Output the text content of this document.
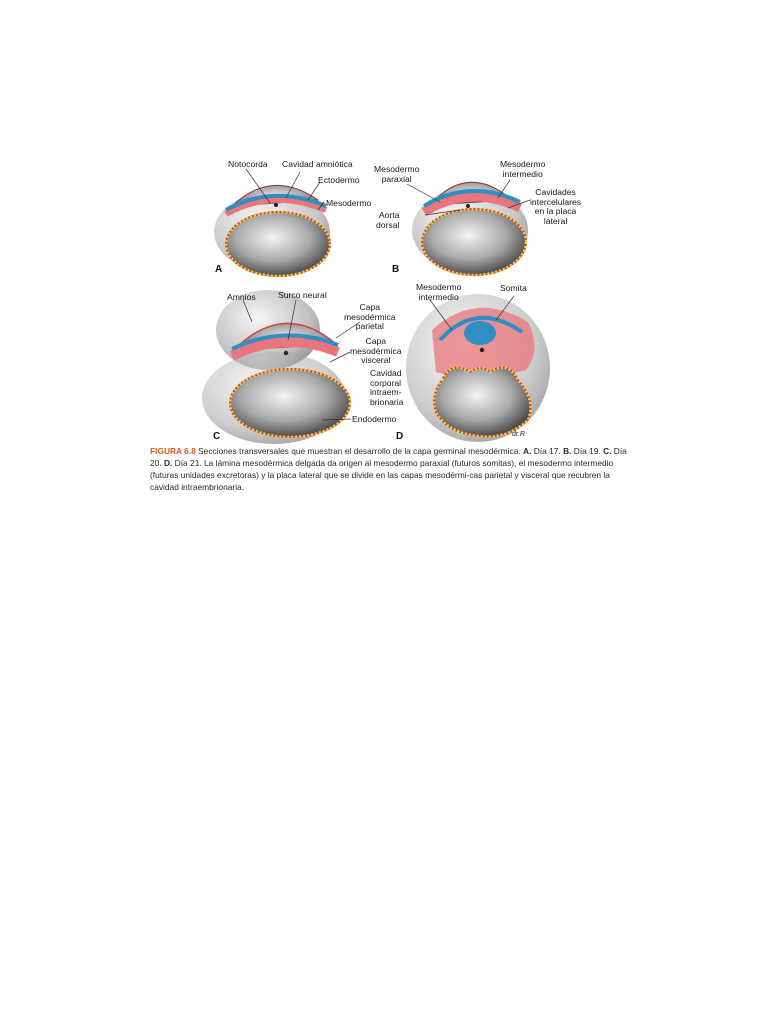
Notocorda Cavidad amniótica
Ectodermo
Mesodermo
A
Mesodermo
paraxial
Mesodermo
intermedio
Cavidades
intercelulares
en la placa
lateral
Aorta
dorsal
B
Amnios	Surco neural
Capa
mesodérmica
parietal
Capa
mesodérmica
visceral
Cavidad
corporal
intraem-
brionaria
Endodermo
C
Mesodermo
intermedio
Somita
D	dr.R
FIGURA 6.8 Secciones transversales que muestran el desarrollo de la capa germinal mesodérmica. A. Día 17. B. Día 19. C. Día 20. D. Día 21. La lámina mesodérmica delgada da origen al mesodermo paraxial (futuros somitas), el mesodermo intermedio (futuras unidades excretoras) y la placa lateral que se divide en las capas mesodérmi-cas parietal y visceral que recubren la cavidad intraembrionaria.
